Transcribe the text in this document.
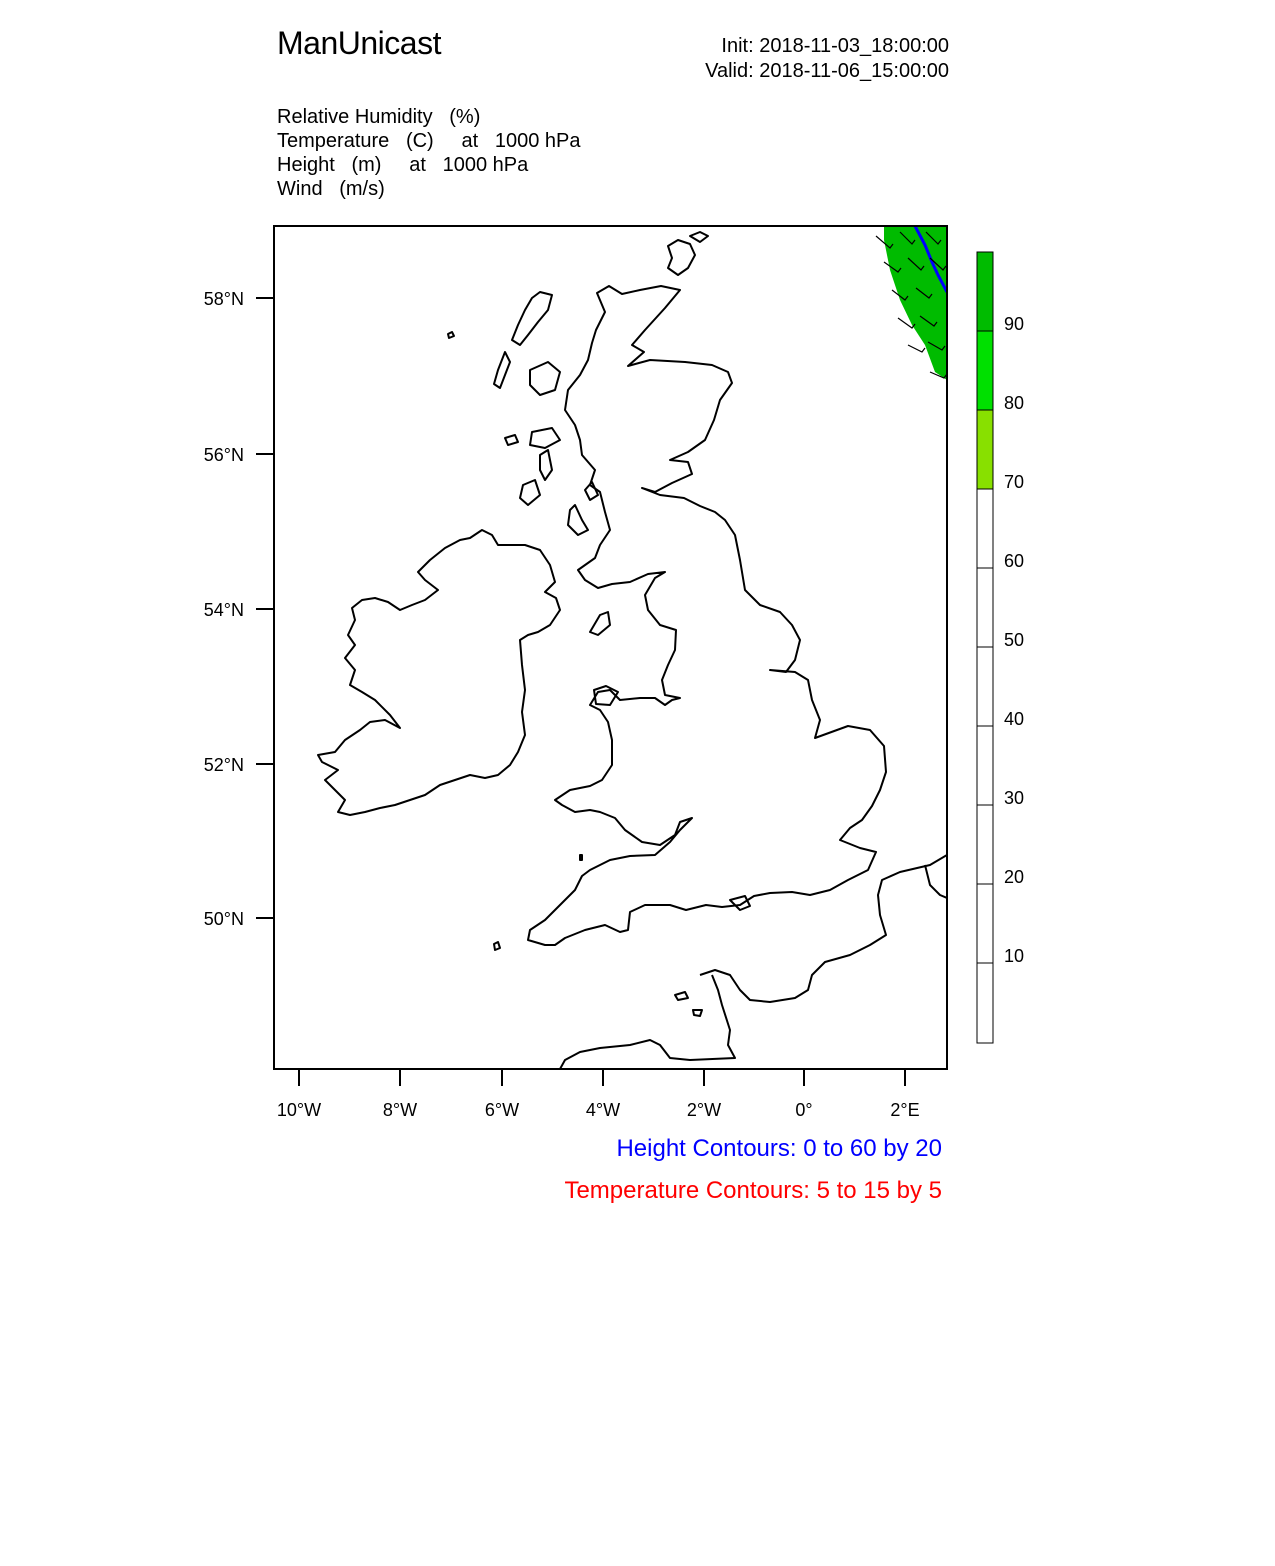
ManUnicast	Init: 2018-11-03_18:00:00
Valid: 2018-11-06_15:00:00
Relative Humidity   (%)
Temperature   (C)     at   1000 hPa
Height   (m)     at   1000 hPa
Wind   (m/s)
58°N
56°N
54°N
52°N
50°N
10°W	8°W	6°W	4°W	2°W	0°	2°E
90
80
70
60
50
40
30
20
10
Height Contours: 0 to 60 by 20
Temperature Contours: 5 to 15 by 5
